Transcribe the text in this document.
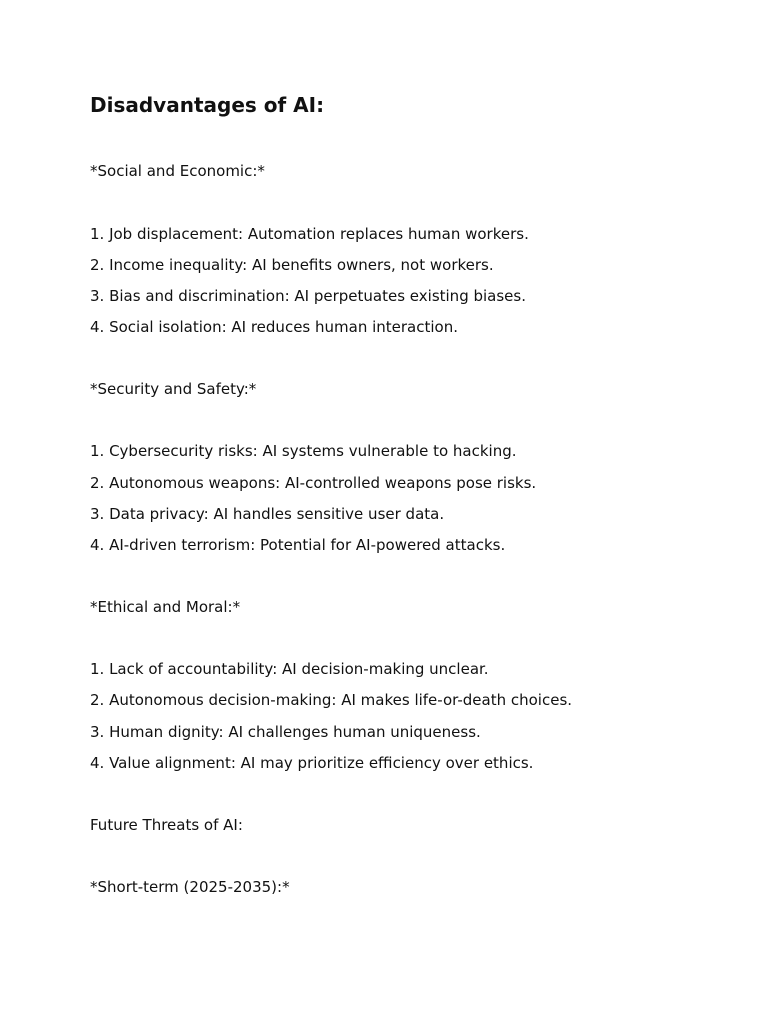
Disadvantages of AI:

*Social and Economic:*

1. Job displacement: Automation replaces human workers.

2. Income inequality: AI benefits owners, not workers.

3. Bias and discrimination: AI perpetuates existing biases.

4. Social isolation: AI reduces human interaction.

*Security and Safety:*

1. Cybersecurity risks: AI systems vulnerable to hacking.

2. Autonomous weapons: AI-controlled weapons pose risks.

3. Data privacy: AI handles sensitive user data.

4. AI-driven terrorism: Potential for AI-powered attacks.

*Ethical and Moral:*

1. Lack of accountability: AI decision-making unclear.

2. Autonomous decision-making: AI makes life-or-death choices.

3. Human dignity: AI challenges human uniqueness.

4. Value alignment: AI may prioritize efficiency over ethics.

Future Threats of AI:

*Short-term (2025-2035):*
